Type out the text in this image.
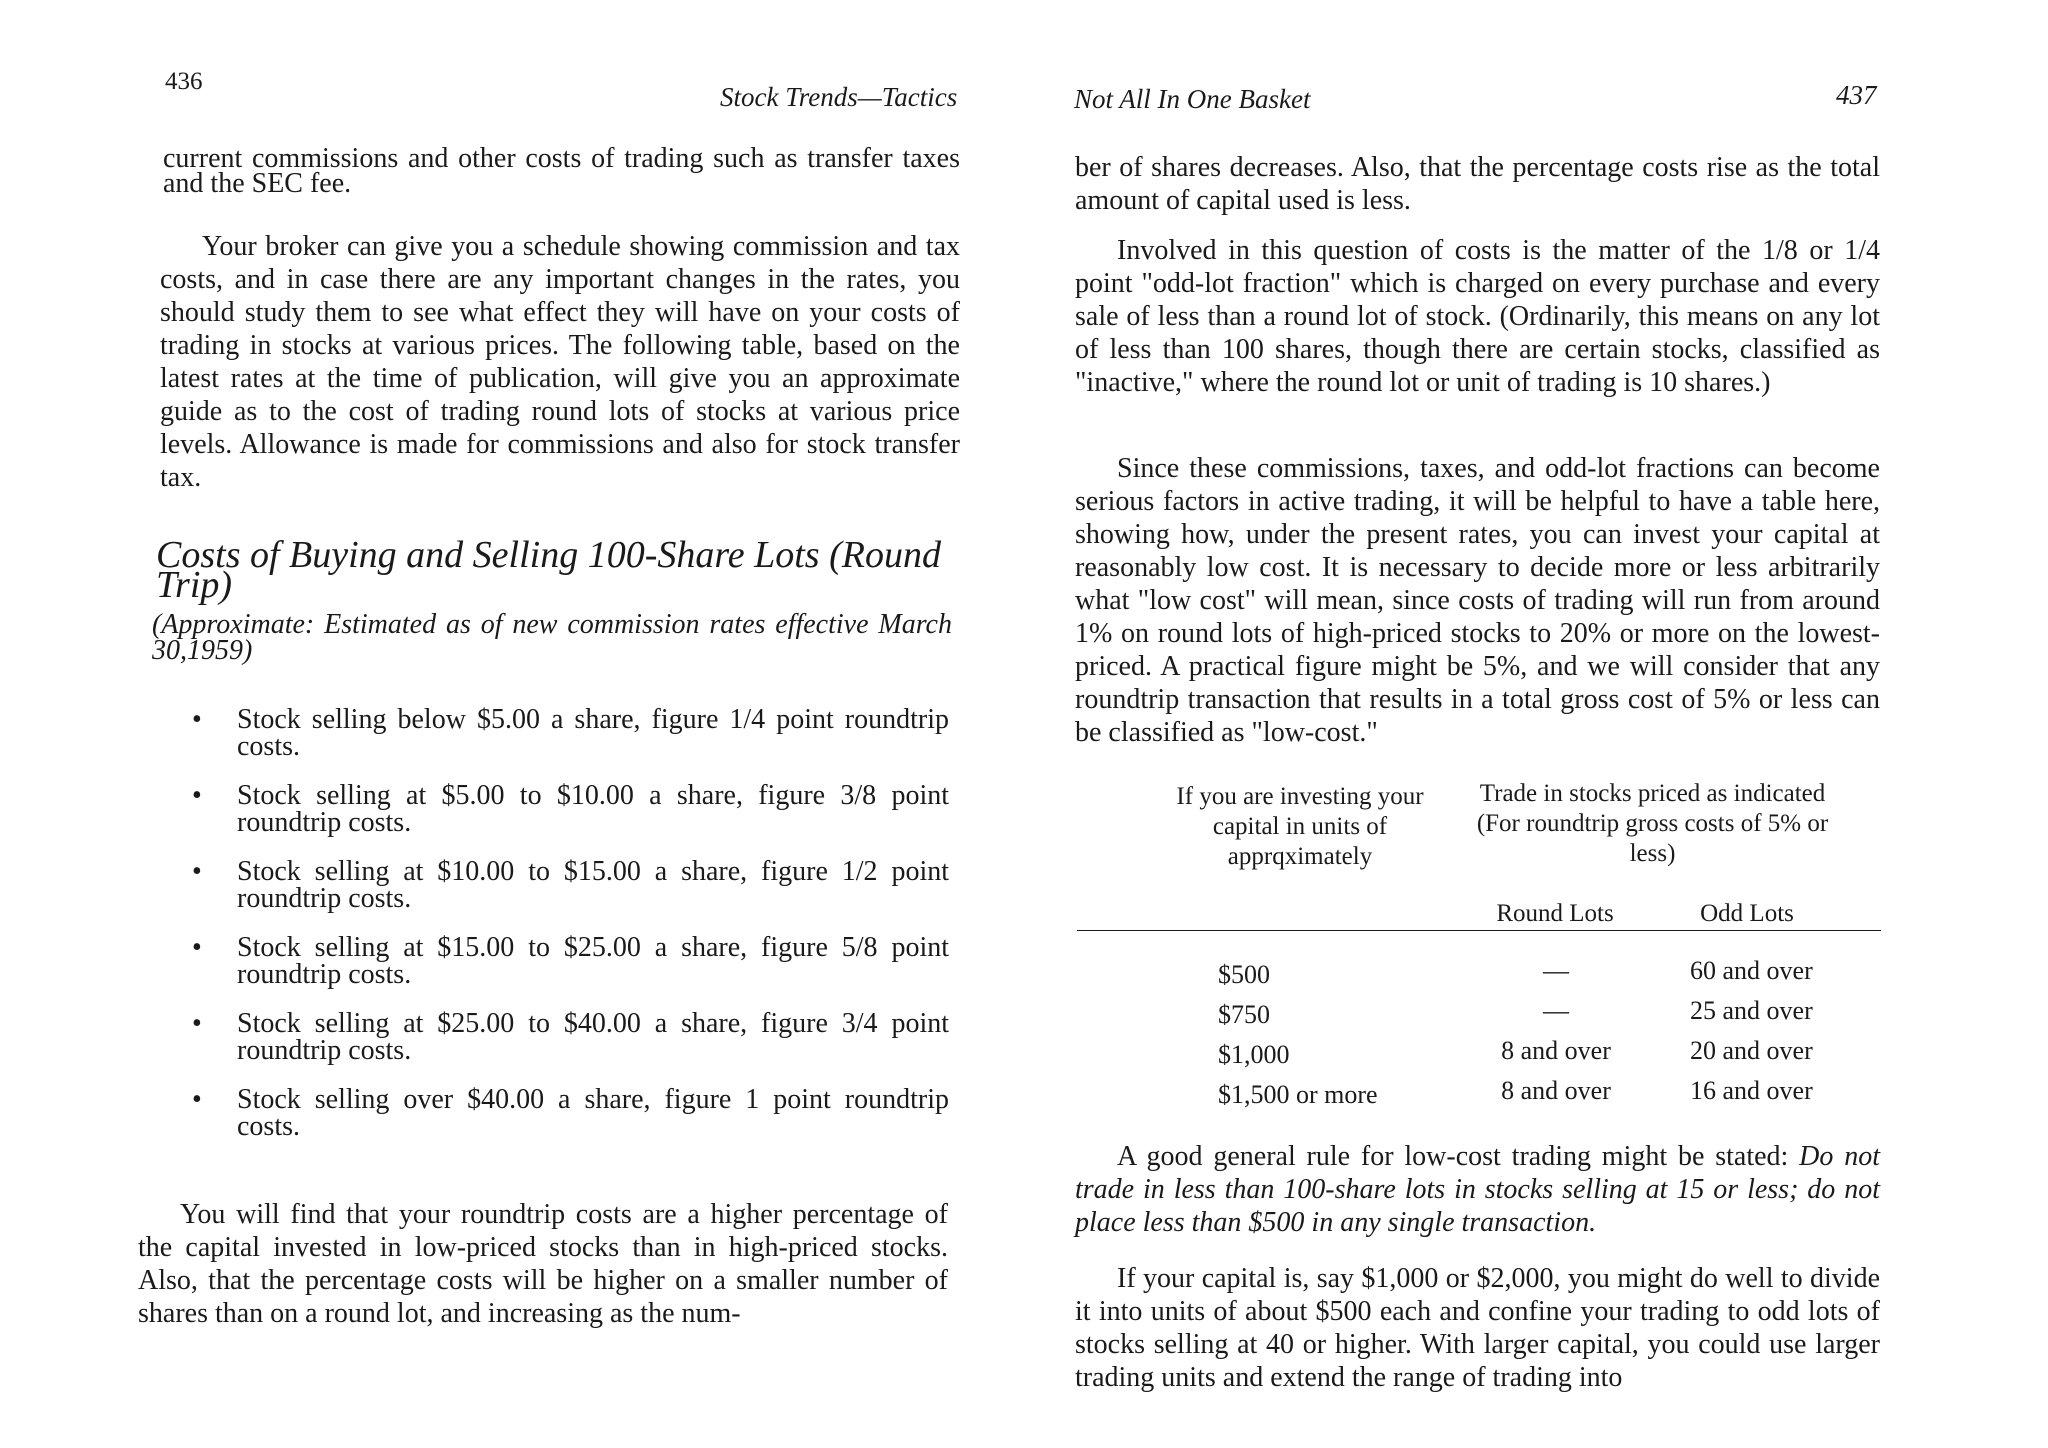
436
Stock Trends—Tactics

current commissions and other costs of trading such as transfer taxes and the SEC fee.

Your broker can give you a schedule showing commission and tax costs, and in case there are any important changes in the rates, you should study them to see what effect they will have on your costs of trading in stocks at various prices. The following table, based on the latest rates at the time of publication, will give you an approximate guide as to the cost of trading round lots of stocks at various price levels. Allowance is made for commissions and also for stock transfer tax.

Costs of Buying and Selling 100-Share Lots (Round Trip)

(Approximate: Estimated as of new commission rates effective March 30,1959)

• Stock selling below $5.00 a share, figure 1/4 point roundtrip costs.
• Stock selling at $5.00 to $10.00 a share, figure 3/8 point roundtrip costs.
• Stock selling at $10.00 to $15.00 a share, figure 1/2 point roundtrip costs.
• Stock selling at $15.00 to $25.00 a share, figure 5/8 point roundtrip costs.
• Stock selling at $25.00 to $40.00 a share, figure 3/4 point roundtrip costs.
• Stock selling over $40.00 a share, figure 1 point roundtrip costs.

You will find that your roundtrip costs are a higher percentage of the capital invested in low-priced stocks than in high-priced stocks. Also, that the percentage costs will be higher on a smaller number of shares than on a round lot, and increasing as the num-

Not All In One Basket	437

ber of shares decreases. Also, that the percentage costs rise as the total amount of capital used is less.

Involved in this question of costs is the matter of the 1/8 or 1/4 point "odd-lot fraction" which is charged on every purchase and every sale of less than a round lot of stock. (Ordinarily, this means on any lot of less than 100 shares, though there are certain stocks, classified as "inactive," where the round lot or unit of trading is 10 shares.)

Since these commissions, taxes, and odd-lot fractions can become serious factors in active trading, it will be helpful to have a table here, showing how, under the present rates, you can invest your capital at reasonably low cost. It is necessary to decide more or less arbitrarily what "low cost" will mean, since costs of trading will run from around 1% on round lots of high-priced stocks to 20% or more on the lowest-priced. A practical figure might be 5%, and we will consider that any roundtrip transaction that results in a total gross cost of 5% or less can be classified as "low-cost."

If you are investing your capital in units of apprqximately
Trade in stocks priced as indicated (For roundtrip gross costs of 5% or less)
Round Lots	Odd Lots
$500	—	60 and over
$750	—	25 and over
$1,000	8 and over	20 and over
$1,500 or more	8 and over	16 and over

A good general rule for low-cost trading might be stated: Do not trade in less than 100-share lots in stocks selling at 15 or less; do not place less than $500 in any single transaction.

If your capital is, say $1,000 or $2,000, you might do well to divide it into units of about $500 each and confine your trading to odd lots of stocks selling at 40 or higher. With larger capital, you could use larger trading units and extend the range of trading into
